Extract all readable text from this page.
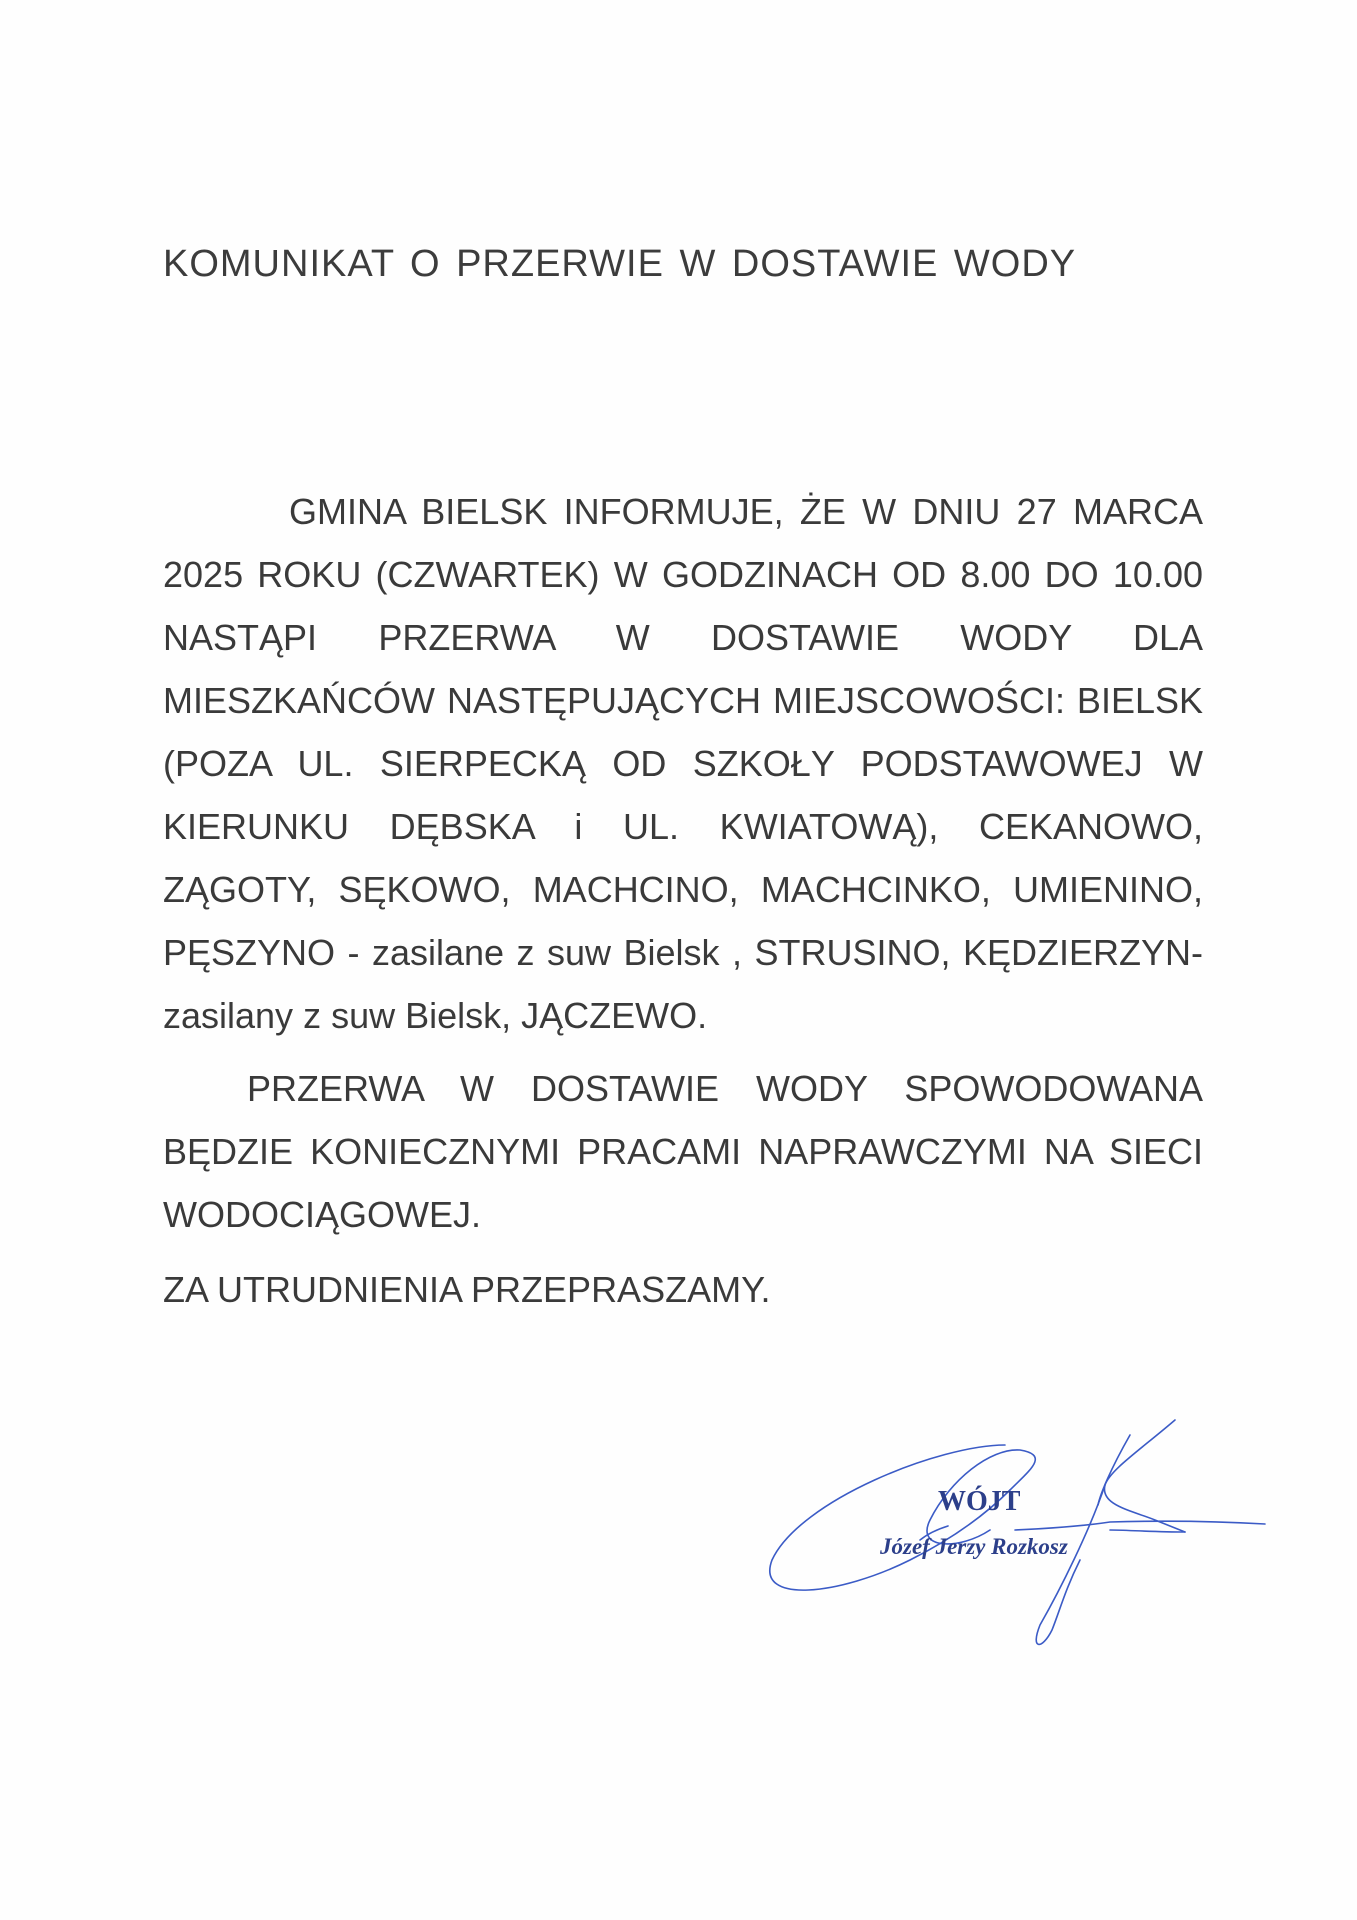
KOMUNIKAT O PRZERWIE W DOSTAWIE WODY

GMINA BIELSK INFORMUJE, ŻE W DNIU 27 MARCA 2025 ROKU (CZWARTEK) W GODZINACH OD 8.00 DO 10.00 NASTĄPI PRZERWA W DOSTAWIE WODY DLA MIESZKAŃCÓW NASTĘPUJĄCYCH MIEJSCOWOŚCI: BIELSK (POZA UL. SIERPECKĄ OD SZKOŁY PODSTAWOWEJ W KIERUNKU DĘBSKA i UL. KWIATOWĄ), CEKANOWO, ZĄGOTY, SĘKOWO, MACHCINO, MACHCINKO, UMIENINO, PĘSZYNO - zasilane z suw Bielsk , STRUSINO, KĘDZIERZYN- zasilany z suw Bielsk, JĄCZEWO.

PRZERWA W DOSTAWIE WODY SPOWODOWANA BĘDZIE KONIECZNYMI PRACAMI NAPRAWCZYMI NA SIECI WODOCIĄGOWEJ.

ZA UTRUDNIENIA PRZEPRASZAMY.

WÓJT
Józef Jerzy Rozkosz
